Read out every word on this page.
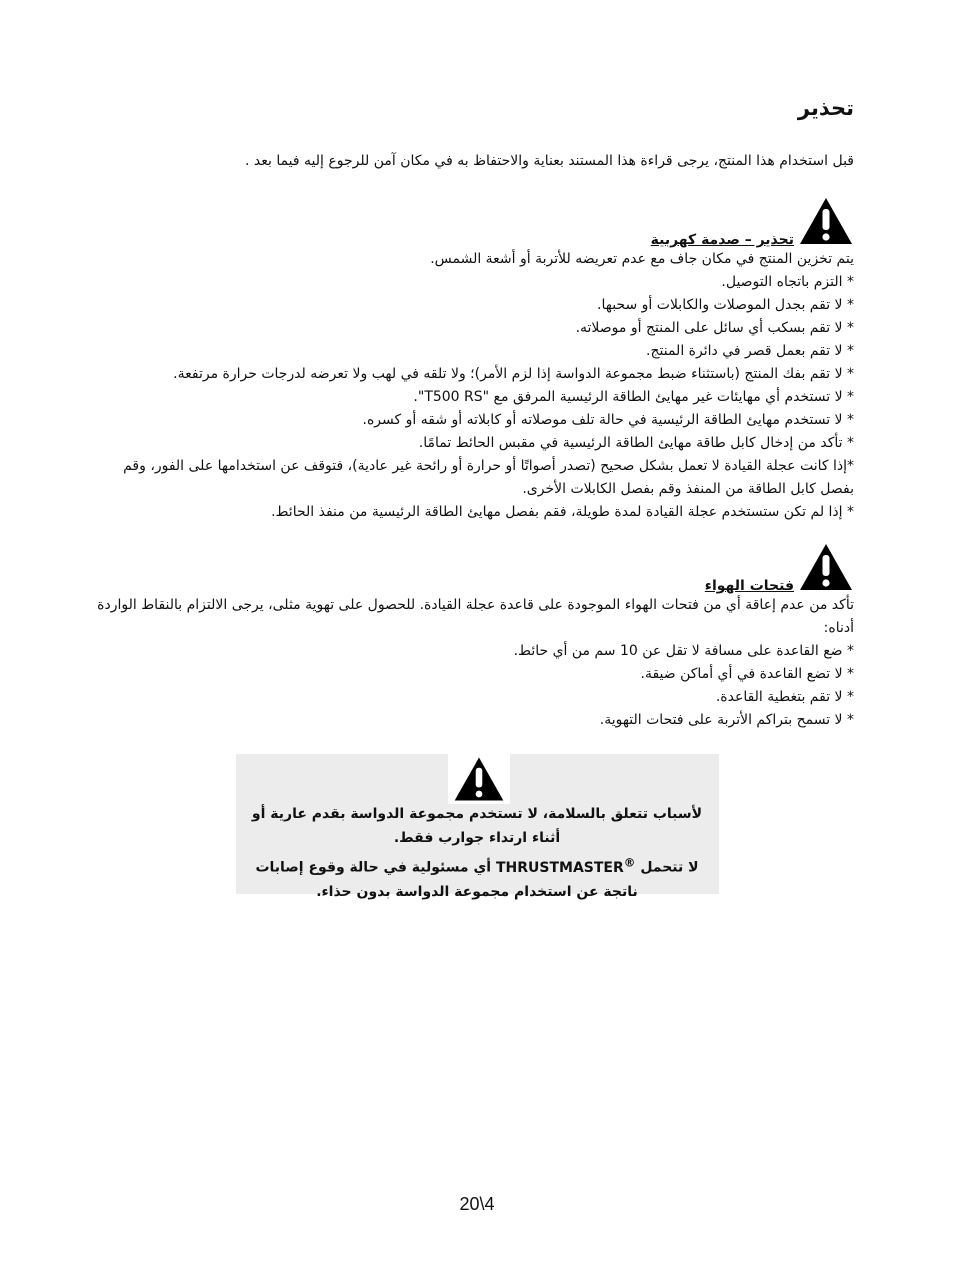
تحذير

قبل استخدام هذا المنتج، يرجى قراءة هذا المستند بعناية والاحتفاظ به في مكان آمن للرجوع إليه فيما بعد .

تحذير – صدمة كهربية
يتم تخزين المنتج في مكان جاف مع عدم تعريضه للأتربة أو أشعة الشمس.
* التزم باتجاه التوصيل.
* لا تقم بجدل الموصلات والكابلات أو سحبها.
* لا تقم بسكب أي سائل على المنتج أو موصلاته.
* لا تقم بعمل قصر في دائرة المنتج.
* لا تقم بفك المنتج (باستثناء ضبط مجموعة الدواسة إذا لزم الأمر)؛ ولا تلقه في لهب ولا تعرضه لدرجات حرارة مرتفعة.
* لا تستخدم أي مهايئات غير مهايئ الطاقة الرئيسية المرفق مع "T500 RS".
* لا تستخدم مهايئ الطاقة الرئيسية في حالة تلف موصلاته أو كابلاته أو شقه أو كسره.
* تأكد من إدخال كابل طاقة مهايئ الطاقة الرئيسية في مقبس الحائط تمامًا.
*إذا كانت عجلة القيادة لا تعمل بشكل صحيح (تصدر أصواتًا أو حرارة أو رائحة غير عادية)، فتوقف عن استخدامها على الفور، وقم بفصل كابل الطاقة من المنفذ وقم بفصل الكابلات الأخرى.
* إذا لم تكن ستستخدم عجلة القيادة لمدة طويلة، فقم بفصل مهايئ الطاقة الرئيسية من منفذ الحائط.
فتحات الهواء
تأكد من عدم إعاقة أي من فتحات الهواء الموجودة على قاعدة عجلة القيادة. للحصول على تهوية مثلى، يرجى الالتزام بالنقاط الواردة أدناه:
* ضع القاعدة على مسافة لا تقل عن 10 سم من أي حائط.
* لا تضع القاعدة في أي أماكن ضيقة.
* لا تقم بتغطية القاعدة.
* لا تسمح بتراكم الأتربة على فتحات التهوية.

لأسباب تتعلق بالسلامة، لا تستخدم مجموعة الدواسة بقدم عارية أو أثناء ارتداء جوارب فقط.
لا تتحمل THRUSTMASTER® أي مسئولية في حالة وقوع إصابات ناتجة عن استخدام مجموعة الدواسة بدون حذاء.

20\4
